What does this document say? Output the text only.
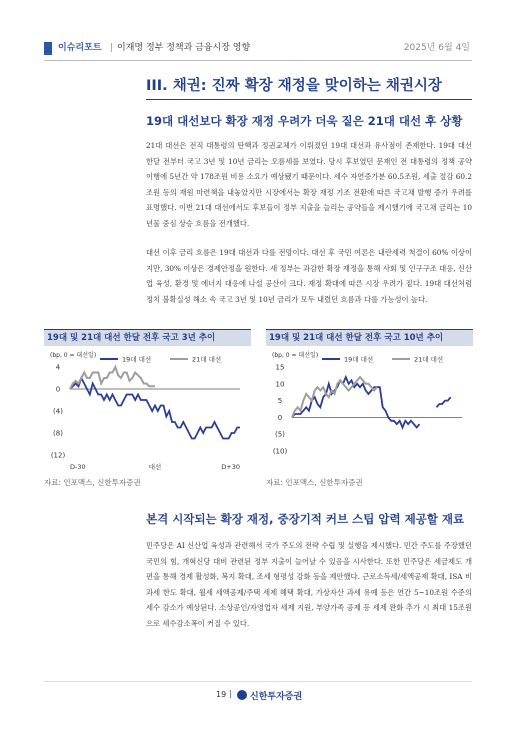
이슈리포트 | 이재명 정부 정책과 금융시장 영향	2025년 6월 4일
III. 채권: 진짜 확장 재정을 맞이하는 채권시장
19대 대선보다 확장 재정 우려가 더욱 짙은 21대 대선 후 상황
21대 대선은 전직 대통령의 탄핵과 정권교체가 이뤄졌던 19대 대선과 유사점이 존재한다. 19대 대선 한달 전부터 국고 3년 및 10년 금리는 오름세를 보였다. 당시 후보였던 문재인 전 대통령의 정책 공약 이행에 5년간 약 178조원 비용 소요가 예상됐기 때문이다. 세수 자연증가분 60.5조원, 세출 절감 60.2조원 등의 재원 마련책을 내놓았지만 시장에서는 확장 재정 기조 전환에 따른 국고채 발행 증가 우려를 표명했다. 이번 21대 대선에서도 후보들이 정부 지출을 늘리는 공약들을 제시했기에 국고채 금리는 10년물 중심 상승 흐름을 전개했다.
대선 이후 금리 흐름은 19대 대선과 다를 전망이다. 대선 후 국민 여론은 내란세력 척결이 60% 이상이지만, 30% 이상은 경제안정을 원한다. 새 정부는 과감한 확장 재정을 통해 사회 및 인구구조 대응, 신산업 육성, 환경 및 에너지 대응에 나설 공산이 크다. 재정 확대에 따른 시장 우려가 짙다. 19대 대선처럼 정치 불확실성 해소 속 국고 3년 및 10년 금리가 모두 내렸던 흐름과 다를 가능성이 높다.
19대 및 21대 대선 한달 전후 국고 3년 추이
(bp, 0 = 대선일)
4
0
(4)
(8)
(12)
19대 대선	21대 대선
D-30	대선	D+30
자료: 인포맥스, 신한투자증권
19대 및 21대 대선 한달 전후 국고 10년 추이
(bp, 0 = 대선일)
15
10
5
0
(5)
(10)
19대 대선	21대 대선
자료: 인포맥스, 신한투자증권
본격 시작되는 확장 재정, 중장기적 커브 스팁 압력 제공할 재료
민주당은 AI 신산업 육성과 관련해서 국가 주도의 전략 수립 및 실행을 제시했다. 민간 주도를 주장했던 국민의 힘, 개혁신당 대비 관련된 정부 지출이 늘어날 수 있음을 시사한다. 또한 민주당은 세금제도 개편을 통해 경제 활성화, 복지 확대, 조세 형평성 강화 등을 제안했다. 근로소득세/세액공제 확대, ISA 비과세 한도 확대, 월세 세액공제/주택 세제 혜택 확대, 가상자산 과세 유예 등은 연간 5~10조원 수준의 세수 감소가 예상된다. 소상공인/자영업자 세제 지원, 부양가족 공제 등 세제 완화 추가 시 최대 15조원으로 세수감소폭이 커질 수 있다.
19 | 신한투자증권
